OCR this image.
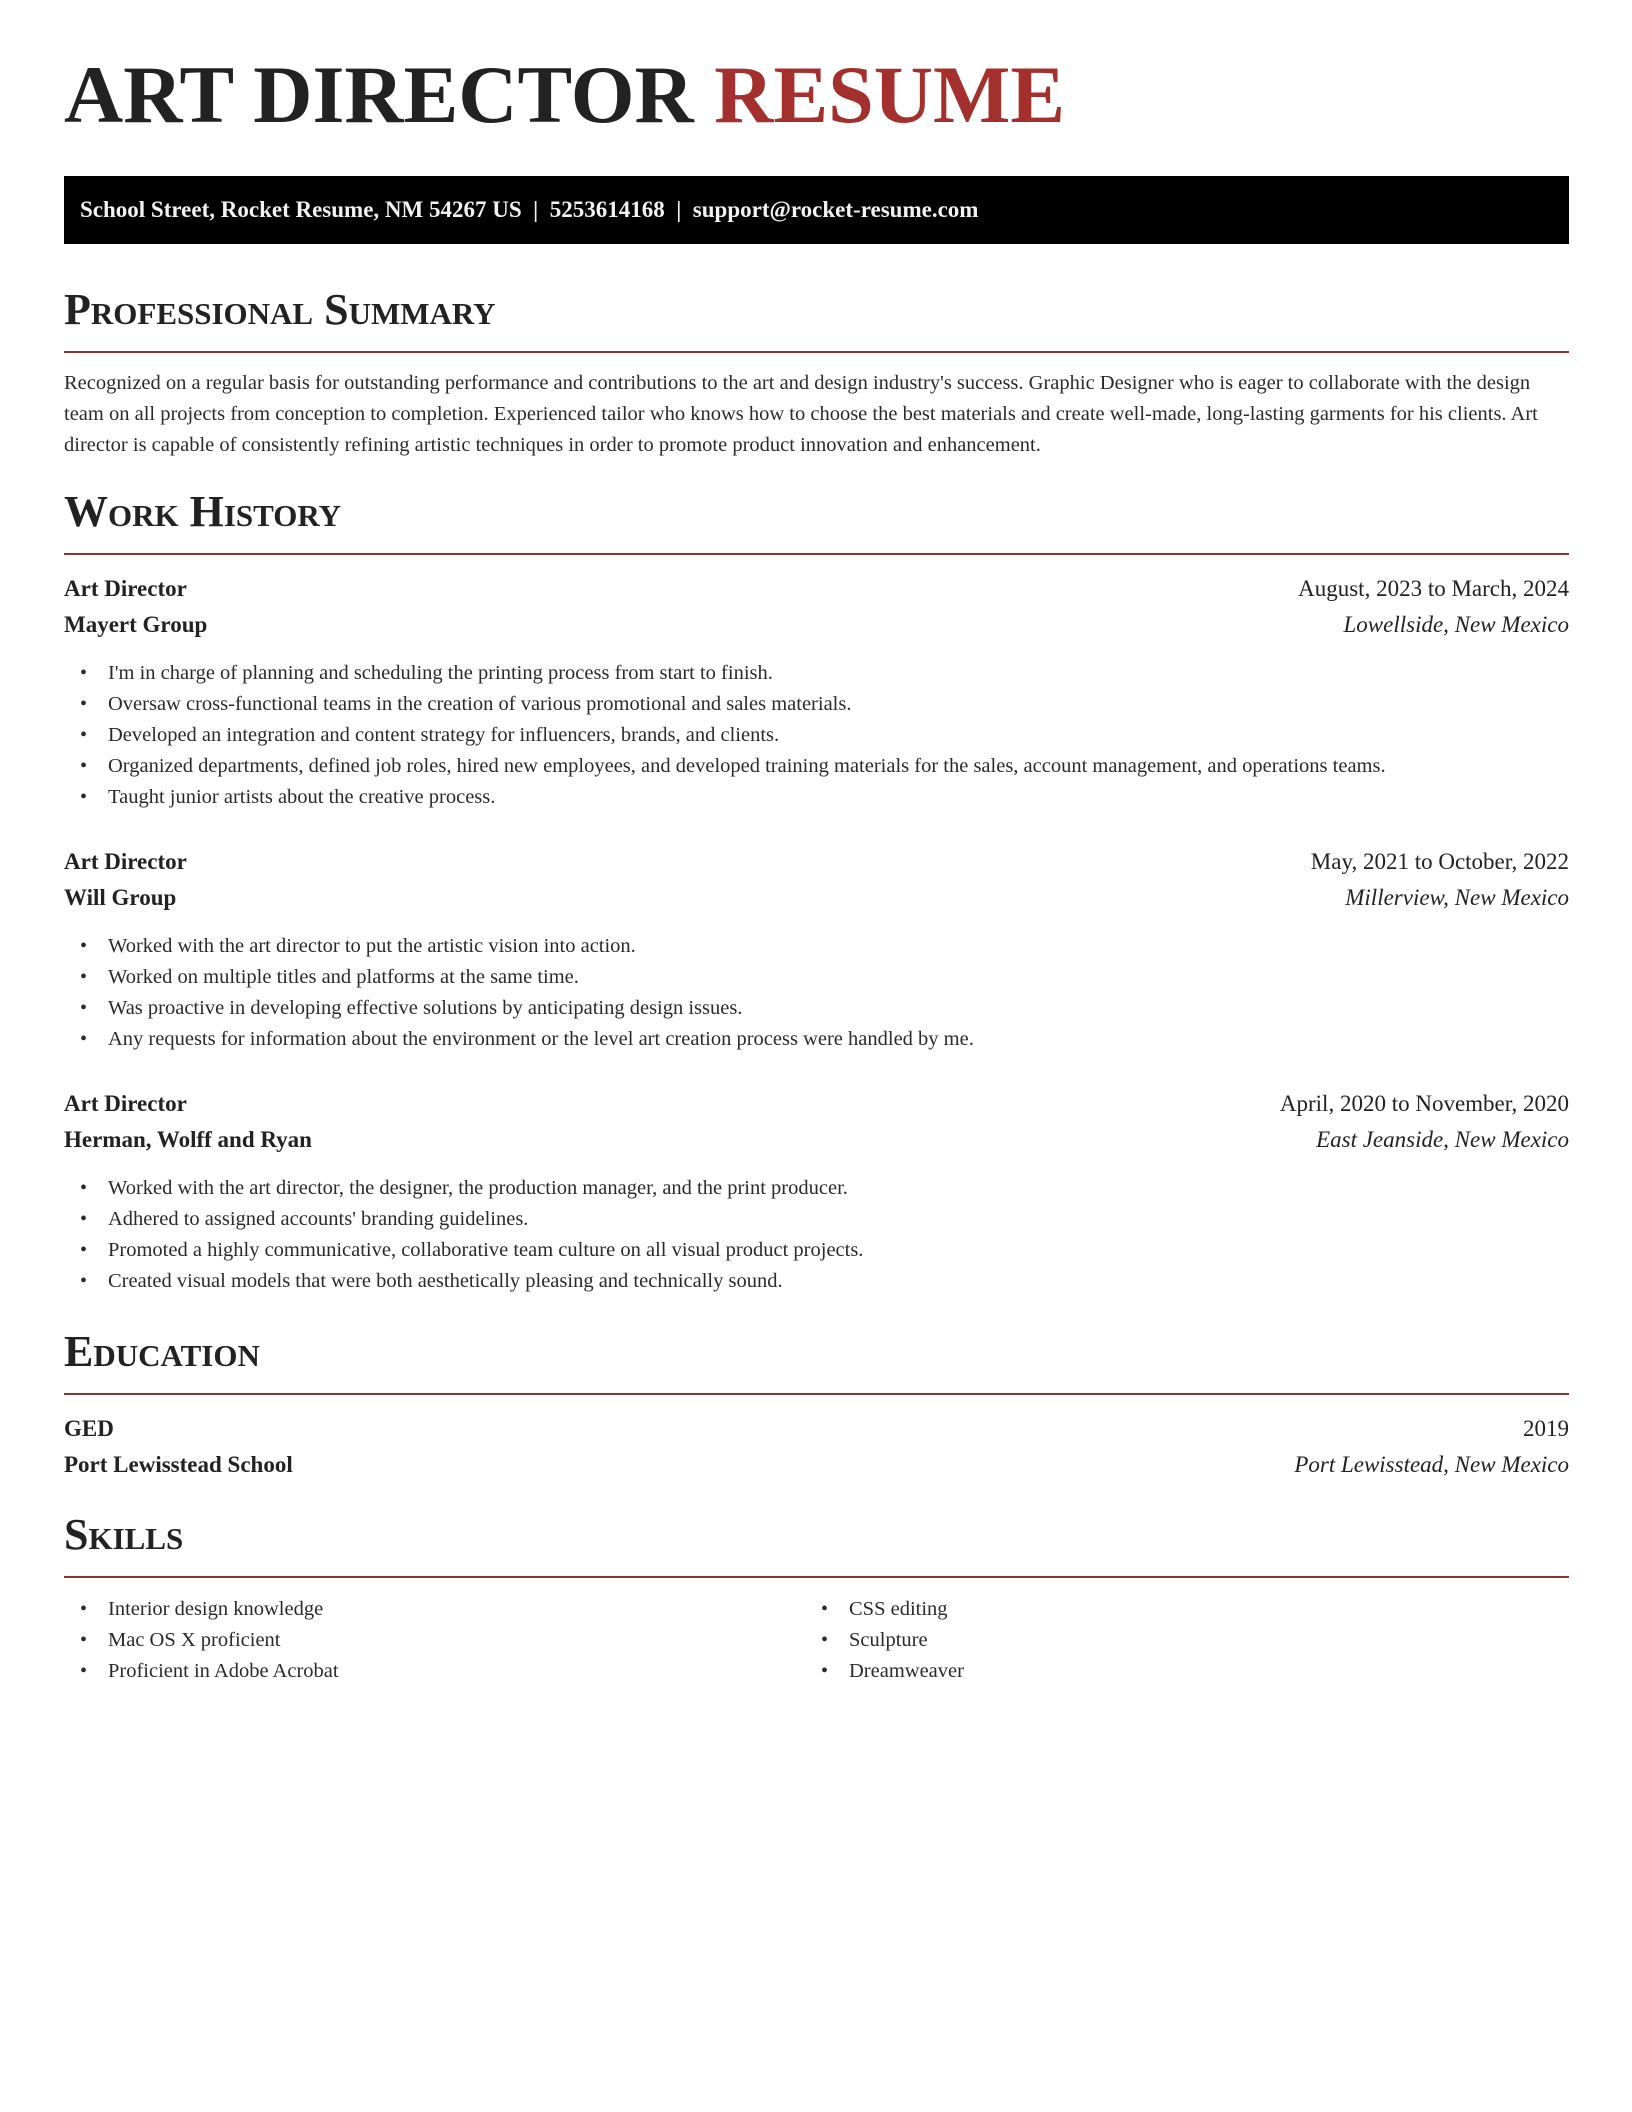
ART DIRECTOR RESUME
School Street, Rocket Resume, NM 54267 US | 5253614168 | support@rocket-resume.com
Professional Summary

Recognized on a regular basis for outstanding performance and contributions to the art and design industry's success. Graphic Designer who is eager to collaborate with the design team on all projects from conception to completion. Experienced tailor who knows how to choose the best materials and create well-made, long-lasting garments for his clients. Art director is capable of consistently refining artistic techniques in order to promote product innovation and enhancement.

Work History
Art Director	August, 2023 to March, 2024
Mayert Group	Lowellside, New Mexico
• I'm in charge of planning and scheduling the printing process from start to finish.
• Oversaw cross-functional teams in the creation of various promotional and sales materials.
• Developed an integration and content strategy for influencers, brands, and clients.
• Organized departments, defined job roles, hired new employees, and developed training materials for the sales, account management, and operations teams.
• Taught junior artists about the creative process.
Art Director	May, 2021 to October, 2022
Will Group	Millerview, New Mexico
• Worked with the art director to put the artistic vision into action.
• Worked on multiple titles and platforms at the same time.
• Was proactive in developing effective solutions by anticipating design issues.
• Any requests for information about the environment or the level art creation process were handled by me.
Art Director	April, 2020 to November, 2020
Herman, Wolff and Ryan	East Jeanside, New Mexico
• Worked with the art director, the designer, the production manager, and the print producer.
• Adhered to assigned accounts' branding guidelines.
• Promoted a highly communicative, collaborative team culture on all visual product projects.
• Created visual models that were both aesthetically pleasing and technically sound.
Education
GED	2019
Port Lewisstead School	Port Lewisstead, New Mexico
Skills
• Interior design knowledge
• Mac OS X proficient
• Proficient in Adobe Acrobat
• CSS editing
• Sculpture
• Dreamweaver
